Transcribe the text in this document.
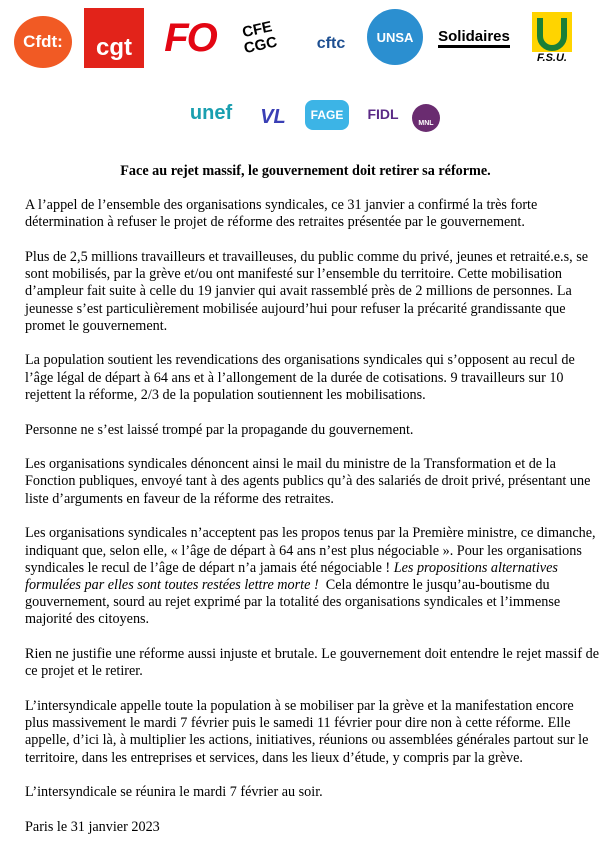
Cfdt: cgt FO	CFE CGC cftc UNSA Solidaires
F.S.U.
unef VL FAGE FIDL
MNL
Face au rejet massif, le gouvernement doit retirer sa réforme.

A l’appel de l’ensemble des organisations syndicales, ce 31 janvier a confirmé la très forte détermination à refuser le projet de réforme des retraites présentée par le gouvernement.

Plus de 2,5 millions travailleurs et travailleuses, du public comme du privé, jeunes et retraité.e.s, se sont mobilisés, par la grève et/ou ont manifesté sur l’ensemble du territoire. Cette mobilisation d’ampleur fait suite à celle du 19 janvier qui avait rassemblé près de 2 millions de personnes. La jeunesse s’est particulièrement mobilisée aujourd’hui pour refuser la précarité grandissante que promet le gouvernement.

La population soutient les revendications des organisations syndicales qui s’opposent au recul de l’âge légal de départ à 64 ans et à l’allongement de la durée de cotisations. 9 travailleurs sur 10 rejettent la réforme, 2/3 de la population soutiennent les mobilisations.

Personne ne s’est laissé trompé par la propagande du gouvernement.

Les organisations syndicales dénoncent ainsi le mail du ministre de la Transformation et de la Fonction publiques, envoyé tant à des agents publics qu’à des salariés de droit privé, présentant une liste d’arguments en faveur de la réforme des retraites.

Les organisations syndicales n’acceptent pas les propos tenus par la Première ministre, ce dimanche, indiquant que, selon elle, « l’âge de départ à 64 ans n’est plus négociable ». Pour les organisations syndicales le recul de l’âge de départ n’a jamais été négociable ! Les propositions alternatives formulées par elles sont toutes restées lettre morte !  Cela démontre le jusqu’au-boutisme du gouvernement, sourd au rejet exprimé par la totalité des organisations syndicales et l’immense majorité des citoyens.

Rien ne justifie une réforme aussi injuste et brutale. Le gouvernement doit entendre le rejet massif de ce projet et le retirer.

L’intersyndicale appelle toute la population à se mobiliser par la grève et la manifestation encore plus massivement le mardi 7 février puis le samedi 11 février pour dire non à cette réforme. Elle appelle, d’ici là, à multiplier les actions, initiatives, réunions ou assemblées générales partout sur le territoire, dans les entreprises et services, dans les lieux d’étude, y compris par la grève.

L’intersyndicale se réunira le mardi 7 février au soir.

Paris le 31 janvier 2023
